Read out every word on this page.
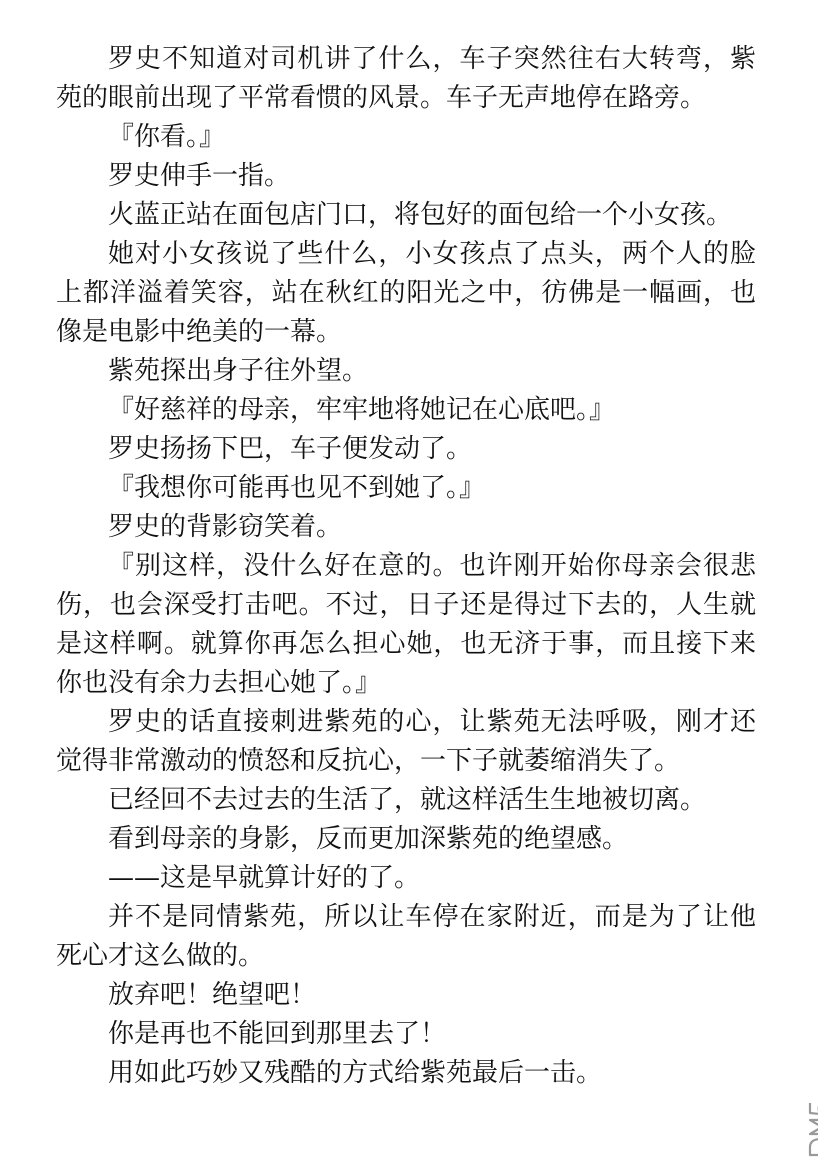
罗史不知道对司机讲了什么，车子突然往右大转弯，紫苑的眼前出现了平常看惯的风景。车子无声地停在路旁。

『你看。』

罗史伸手一指。

火蓝正站在面包店门口，将包好的面包给一个小女孩。

她对小女孩说了些什么，小女孩点了点头，两个人的脸上都洋溢着笑容，站在秋红的阳光之中，彷佛是一幅画，也像是电影中绝美的一幕。

紫苑探出身子往外望。

『好慈祥的母亲，牢牢地将她记在心底吧。』

罗史扬扬下巴，车子便发动了。

『我想你可能再也见不到她了。』

罗史的背影窃笑着。

『别这样，没什么好在意的。也许刚开始你母亲会很悲伤，也会深受打击吧。不过，日子还是得过下去的，人生就是这样啊。就算你再怎么担心她，也无济于事，而且接下来你也没有余力去担心她了。』

罗史的话直接刺进紫苑的心，让紫苑无法呼吸，刚才还觉得非常激动的愤怒和反抗心，一下子就萎缩消失了。

已经回不去过去的生活了，就这样活生生地被切离。

看到母亲的身影，反而更加深紫苑的绝望感。

——这是早就算计好的了。

并不是同情紫苑，所以让车停在家附近，而是为了让他死心才这么做的。

放弃吧！绝望吧！

你是再也不能回到那里去了！

用如此巧妙又残酷的方式给紫苑最后一击。
